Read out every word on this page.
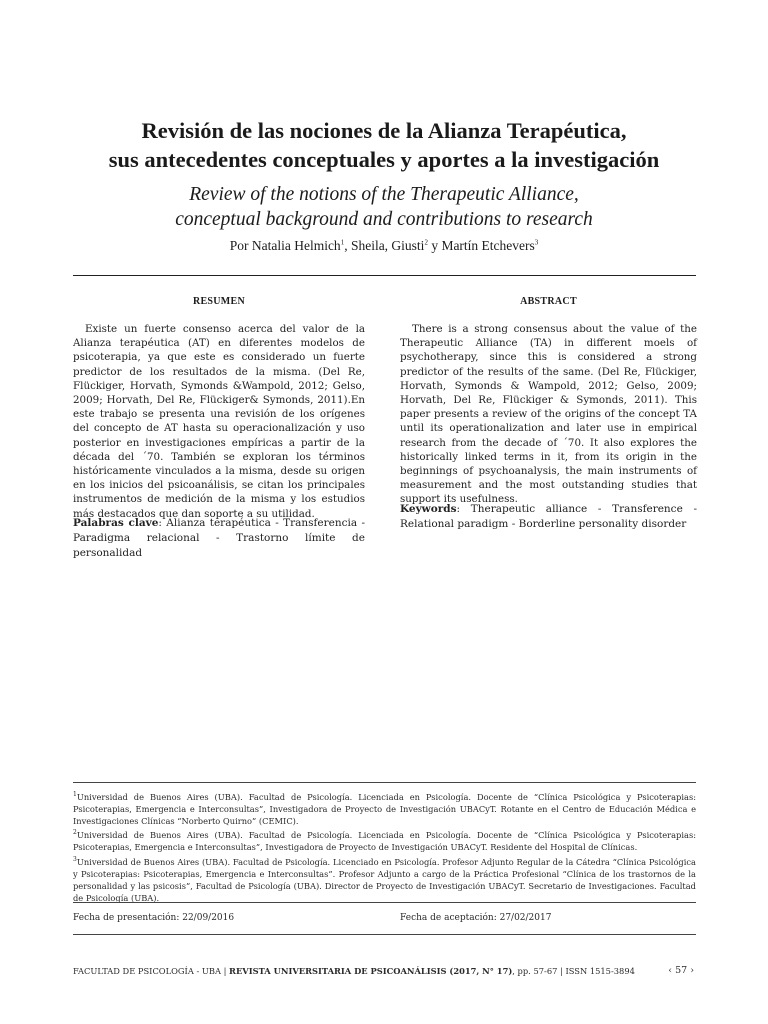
Revisión de las nociones de la Alianza Terapéutica,
sus antecedentes conceptuales y aportes a la investigación
Review of the notions of the Therapeutic Alliance,
conceptual background and contributions to research
Por Natalia Helmich$^1$, Sheila, Giusti$^2$ y Martín Etchevers$^3$
RESUMEN
Existe un fuerte consenso acerca del valor de la Alianza terapéutica (AT) en diferentes modelos de psicoterapia, ya que este es considerado un fuerte predictor de los resultados de la misma. (Del Re, Flückiger, Horvath, Symonds &Wampold, 2012; Gelso, 2009; Horvath, Del Re, Flückiger& Symonds, 2011).En este trabajo se presenta una revisión de los orígenes del concepto de AT hasta su operacionalización y uso posterior en investigaciones empíricas a partir de la década del ´70. También se exploran los términos históricamente vinculados a la misma, desde su origen en los inicios del psicoanálisis, se citan los principales instrumentos de medición de la misma y los estudios más destacados que dan soporte a su utilidad.
Palabras clave: Alianza terapéutica - Transferencia - Paradigma relacional - Trastorno límite de personalidad
ABSTRACT
There is a strong consensus about the value of the Therapeutic Alliance (TA) in different moels of psychotherapy, since this is considered a strong predictor of the results of the same. (Del Re, Flückiger, Horvath, Symonds & Wampold, 2012; Gelso, 2009; Horvath, Del Re, Flückiger & Symonds, 2011). This paper presents a review of the origins of the concept TA until its operationalization and later use in empirical research from the decade of ´70. It also explores the historically linked terms in it, from its origin in the beginnings of psychoanalysis, the main instruments of measurement and the most outstanding studies that support its usefulness.
Keywords: Therapeutic alliance - Transference - Relational paradigm - Borderline personality disorder

$^1$Universidad de Buenos Aires (UBA). Facultad de Psicología. Licenciada en Psicología. Docente de “Clínica Psicológica y Psicoterapias: Psicoterapias, Emergencia e Interconsultas”, Investigadora de Proyecto de Investigación UBACyT. Rotante en el Centro de Educación Médica e Investigaciones Clínicas “Norberto Quirno” (CEMIC).

$^2$Universidad de Buenos Aires (UBA). Facultad de Psicología. Licenciada en Psicología. Docente de “Clínica Psicológica y Psicoterapias: Psicoterapias, Emergencia e Interconsultas”, Investigadora de Proyecto de Investigación UBACyT. Residente del Hospital de Clínicas.

$^3$Universidad de Buenos Aires (UBA). Facultad de Psicología. Licenciado en Psicología. Profesor Adjunto Regular de la Cátedra “Clínica Psicológica y Psicoterapias: Psicoterapias, Emergencia e Interconsultas”. Profesor Adjunto a cargo de la Práctica Profesional “Clínica de los trastornos de la personalidad y las psicosis”, Facultad de Psicología (UBA). Director de Proyecto de Investigación UBACyT. Secretario de Investigaciones. Facultad de Psicología (UBA).

Fecha de presentación: 22/09/2016	Fecha de aceptación: 27/02/2017
FACULTAD DE PSICOLOGÍA - UBA | REVISTA UNIVERSITARIA DE PSICOANÁLISIS (2017, N° 17), pp. 57-67 | ISSN 1515-3894	‹ 57 ›
